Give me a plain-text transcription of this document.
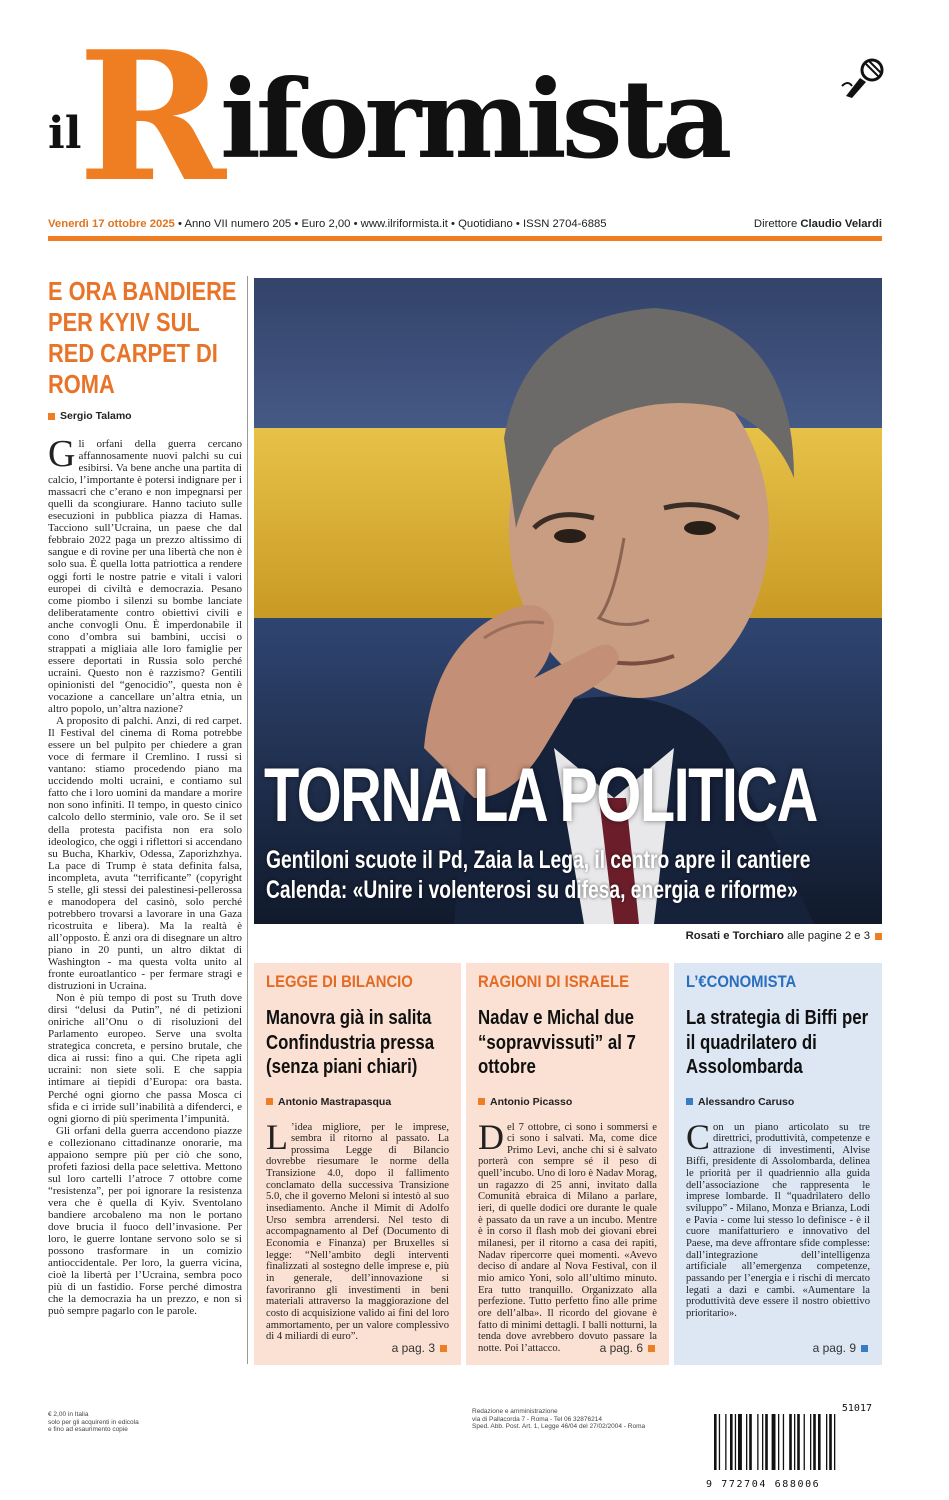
il
R
iformista
Venerdì 17 ottobre 2025 • Anno VII numero 205 • Euro 2,00 • www.ilriformista.it • Quotidiano • ISSN 2704-6885	Direttore Claudio Velardi
E ORA BANDIERE PER KYIV SUL RED CARPET DI ROMA
Sergio Talamo

Gli orfani della guerra cercano affannosamente nuovi palchi su cui esibirsi. Va bene anche una partita di calcio, l’importante è potersi indignare per i massacri che c’erano e non impegnarsi per quelli da scongiurare. Hanno taciuto sulle esecuzioni in pubblica piazza di Hamas. Tacciono sull’Ucraina, un paese che dal febbraio 2022 paga un prezzo altissimo di sangue e di rovine per una libertà che non è solo sua. È quella lotta patriottica a rendere oggi forti le nostre patrie e vitali i valori europei di civiltà e democrazia. Pesano come piombo i silenzi su bombe lanciate deliberatamente contro obiettivi civili e anche convogli Onu. È imperdonabile il cono d’ombra sui bambini, uccisi o strappati a migliaia alle loro famiglie per essere deportati in Russia solo perché ucraini. Questo non è razzismo? Gentili opinionisti del “genocidio”, questa non è vocazione a cancellare un’altra etnia, un altro popolo, un’altra nazione?

A proposito di palchi. Anzi, di red carpet. Il Festival del cinema di Roma potrebbe essere un bel pulpito per chiedere a gran voce di fermare il Cremlino. I russi si vantano: stiamo procedendo piano ma uccidendo molti ucraini, e contiamo sul fatto che i loro uomini da mandare a morire non sono infiniti. Il tempo, in questo cinico calcolo dello sterminio, vale oro. Se il set della protesta pacifista non era solo ideologico, che oggi i riflettori si accendano su Bucha, Kharkiv, Odessa, Zaporizhzhya. La pace di Trump è stata definita falsa, incompleta, avuta “terrificante” (copyright 5 stelle, gli stessi dei palestinesi-pellerossa e manodopera del casinò, solo perché potrebbero trovarsi a lavorare in una Gaza ricostruita e libera). Ma la realtà è all’opposto. È anzi ora di disegnare un altro piano in 20 punti, un altro diktat di Washington - ma questa volta unito al fronte euroatlantico - per fermare stragi e distruzioni in Ucraina.

Non è più tempo di post su Truth dove dirsi “delusi da Putin”, né di petizioni oniriche all’Onu o di risoluzioni del Parlamento europeo. Serve una svolta strategica concreta, e persino brutale, che dica ai russi: fino a qui. Che ripeta agli ucraini: non siete soli. E che sappia intimare ai tiepidi d’Europa: ora basta. Perché ogni giorno che passa Mosca ci sfida e ci irride sull’inabilità a difenderci, e ogni giorno di più sperimenta l’impunità.

Gli orfani della guerra accendono piazze e collezionano cittadinanze onorarie, ma appaiono sempre più per ciò che sono, profeti faziosi della pace selettiva. Mettono sul loro cartelli l’atroce 7 ottobre come “resistenza”, per poi ignorare la resistenza vera che è quella di Kyiv. Sventolano bandiere arcobaleno ma non le portano dove brucia il fuoco dell’invasione. Per loro, le guerre lontane servono solo se si possono trasformare in un comizio antioccidentale. Per loro, la guerra vicina, cioè la libertà per l’Ucraina, sembra poco più di un fastidio. Forse perché dimostra che la democrazia ha un prezzo, e non si può sempre pagarlo con le parole.

TORNA LA POLITICA
Gentiloni scuote il Pd, Zaia la Lega, il centro apre il cantiere
Calenda: «Unire i volenterosi su difesa, energia e riforme»
Rosati e Torchiaro alle pagine 2 e 3
LEGGE DI BILANCIO
Manovra già in salita Confindustria pressa (senza piani chiari)
Antonio Mastrapasqua
L ’idea migliore, per le imprese, sembra il ritorno al passato. La prossima Legge di Bilancio dovrebbe riesumare le norme della Transizione 4.0, dopo il fallimento conclamato della successiva Transizione 5.0, che il governo Meloni si intestò al suo insediamento. Anche il Mimit di Adolfo Urso sembra arrendersi. Nel testo di accompagnamento al Def (Documento di Economia e Finanza) per Bruxelles si legge: “Nell’ambito degli interventi finalizzati al sostegno delle imprese e, più in generale, dell’innovazione si favoriranno gli investimenti in beni materiali attraverso la maggiorazione del costo di acquisizione valido ai fini del loro ammortamento, per un valore complessivo di 4 miliardi di euro”.
a pag. 3
RAGIONI DI ISRAELE
Nadav e Michal due “sopravvissuti” al 7 ottobre
Antonio Picasso
Del 7 ottobre, ci sono i sommersi e ci sono i salvati. Ma, come dice Primo Levi, anche chi si è salvato porterà con sempre sé il peso di quell’incubo. Uno di loro è Nadav Morag, un ragazzo di 25 anni, invitato dalla Comunità ebraica di Milano a parlare, ieri, di quelle dodici ore durante le quale è passato da un rave a un incubo. Mentre è in corso il flash mob dei giovani ebrei milanesi, per il ritorno a casa dei rapiti, Nadav ripercorre quei momenti. «Avevo deciso di andare al Nova Festival, con il mio amico Yoni, solo all’ultimo minuto. Era tutto tranquillo. Organizzato alla perfezione. Tutto perfetto fino alle prime ore dell’alba». Il ricordo del giovane è fatto di minimi dettagli. I balli notturni, la tenda dove avrebbero dovuto passare la notte. Poi l’attacco.	a pag. 6
L’€CONOMISTA
La strategia di Biffi per il quadrilatero di Assolombarda
Alessandro Caruso
Con un piano articolato su tre direttrici, produttività, competenze e attrazione di investimenti, Alvise Biffi, presidente di Assolombarda, delinea le priorità per il quadriennio alla guida dell’associazione che rappresenta le imprese lombarde. Il “quadrilatero dello sviluppo” - Milano, Monza e Brianza, Lodi e Pavia - come lui stesso lo definisce - è il cuore manifatturiero e innovativo del Paese, ma deve affrontare sfide complesse: dall’integrazione dell’intelligenza artificiale all’emergenza competenze, passando per l’energia e i rischi di mercato legati a dazi e cambi. «Aumentare la produttività deve essere il nostro obiettivo prioritario».
a pag. 9
€ 2,00 in Italia
solo per gli acquirenti in edicola
e fino ad esaurimento copie
Redazione e amministrazione
via di Pallacorda 7 - Roma - Tel 06 32876214
Sped. Abb. Post. Art. 1, Legge 46/04 del 27/02/2004 - Roma
51017
9 772704 688006
